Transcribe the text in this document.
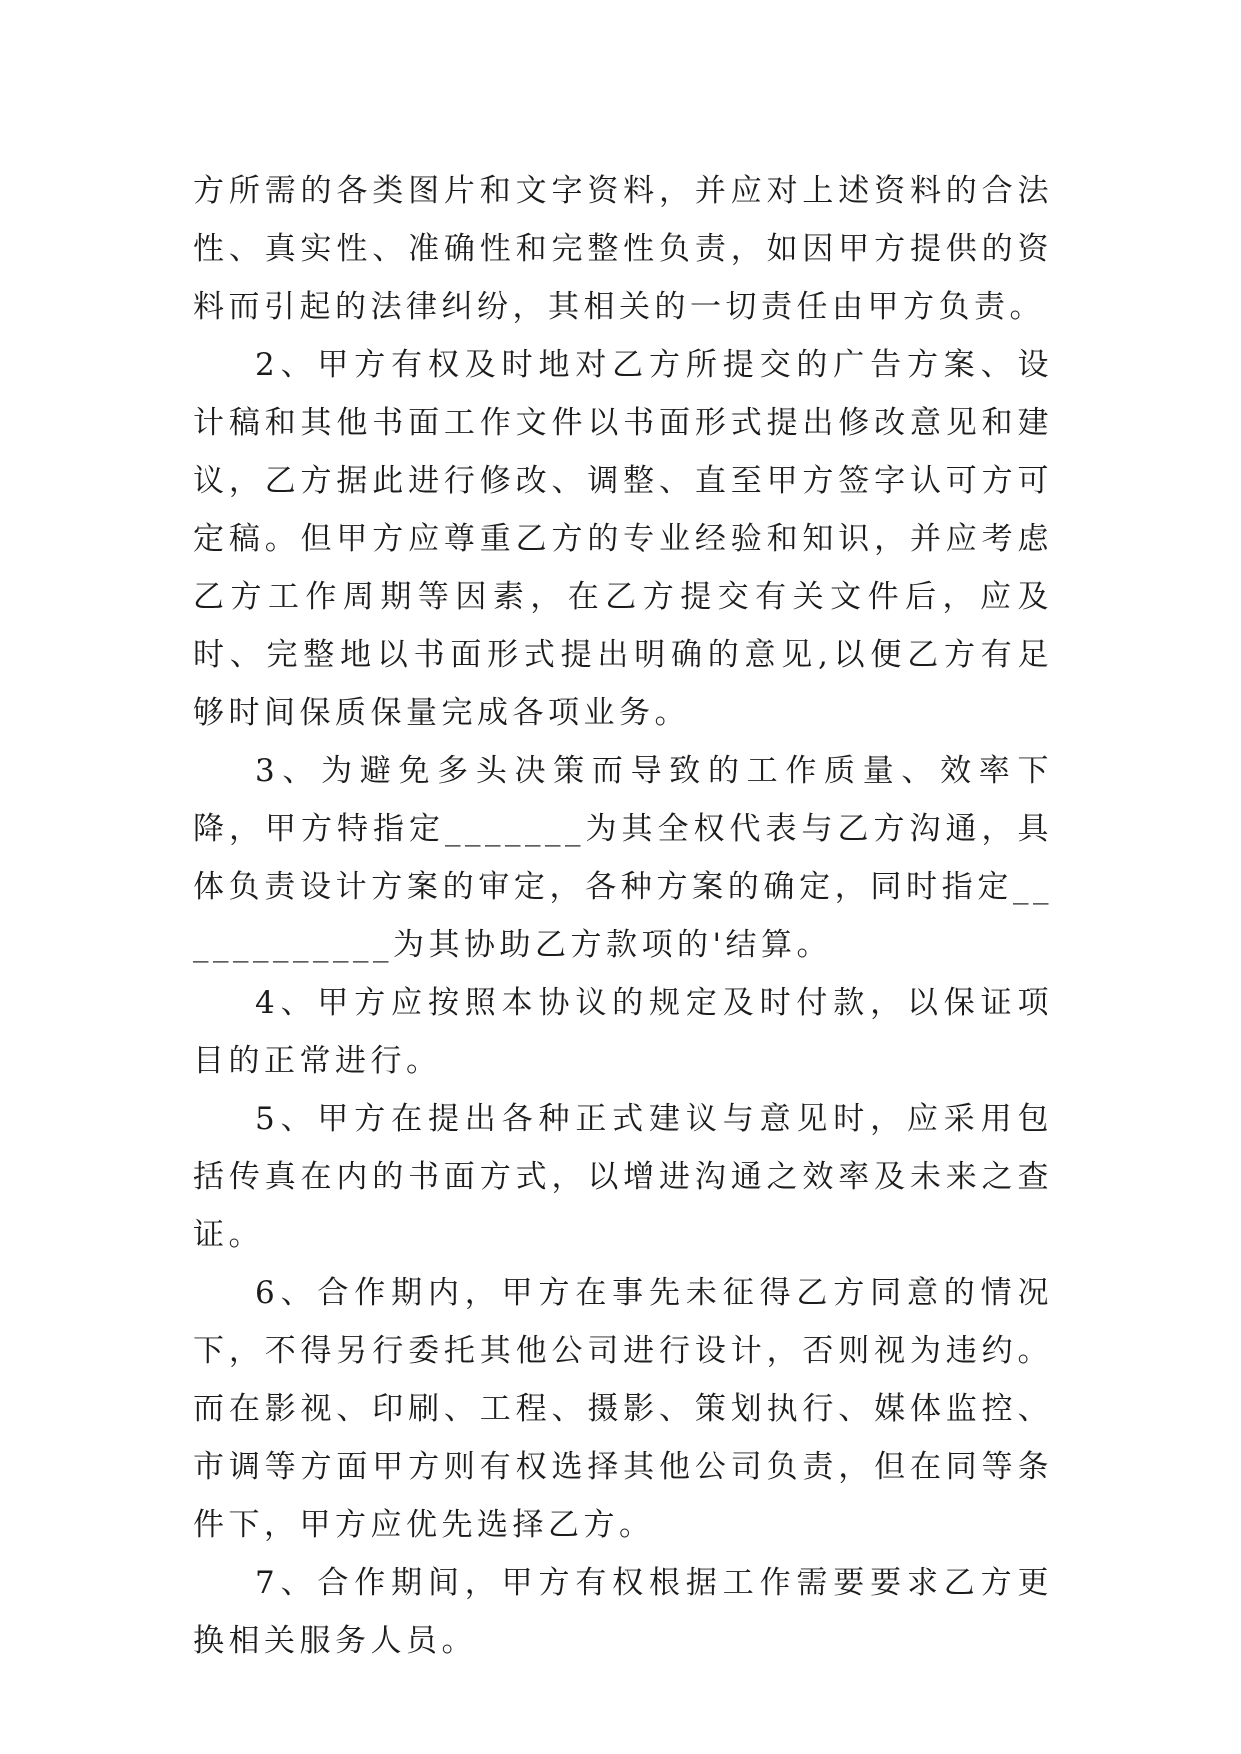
方所需的各类图片和文字资料，并应对上述资料的合法性、真实性、准确性和完整性负责，如因甲方提供的资料而引起的法律纠纷，其相关的一切责任由甲方负责。

2、甲方有权及时地对乙方所提交的广告方案、设计稿和其他书面工作文件以书面形式提出修改意见和建议，乙方据此进行修改、调整、直至甲方签字认可方可定稿。但甲方应尊重乙方的专业经验和知识，并应考虑乙方工作周期等因素，在乙方提交有关文件后，应及时、完整地以书面形式提出明确的意见,以便乙方有足够时间保质保量完成各项业务。

3、为避免多头决策而导致的工作质量、效率下降，甲方特指定_______为其全权代表与乙方沟通，具体负责设计方案的审定，各种方案的确定，同时指定____________为其协助乙方款项的'结算。

4、甲方应按照本协议的规定及时付款，以保证项目的正常进行。

5、甲方在提出各种正式建议与意见时，应采用包括传真在内的书面方式，以增进沟通之效率及未来之查证。

6、合作期内，甲方在事先未征得乙方同意的情况下，不得另行委托其他公司进行设计，否则视为违约。而在影视、印刷、工程、摄影、策划执行、媒体监控、市调等方面甲方则有权选择其他公司负责，但在同等条件下，甲方应优先选择乙方。

7、合作期间，甲方有权根据工作需要要求乙方更换相关服务人员。
